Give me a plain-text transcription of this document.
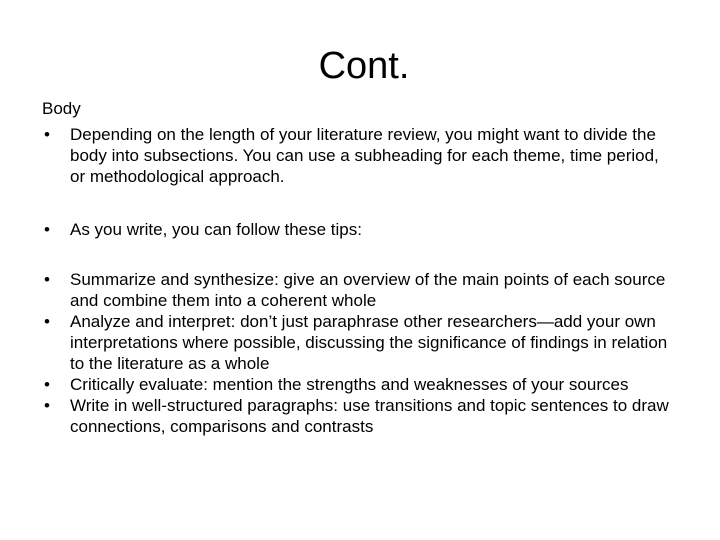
Cont.
Body
• Depending on the length of your literature review, you might want to divide the body into subsections. You can use a subheading for each theme, time period, or methodological approach.
• As you write, you can follow these tips:
• Summarize and synthesize: give an overview of the main points of each source and combine them into a coherent whole
• Analyze and interpret: don’t just paraphrase other researchers—add your own interpretations where possible, discussing the significance of findings in relation to the literature as a whole
• Critically evaluate: mention the strengths and weaknesses of your sources
• Write in well-structured paragraphs: use transitions and topic sentences to draw connections, comparisons and contrasts
